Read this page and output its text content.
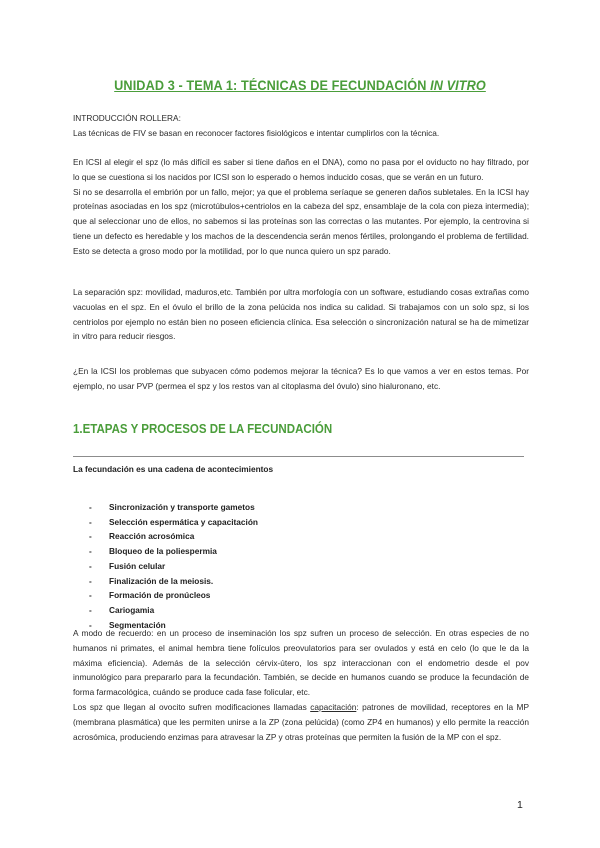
UNIDAD 3 - TEMA 1: TÉCNICAS DE FECUNDACIÓN IN VITRO

INTRODUCCIÓN ROLLERA:

Las técnicas de FIV se basan en reconocer factores fisiológicos e intentar cumplirlos con la técnica.

En ICSI al elegir el spz (lo más difícil es saber si tiene daños en el DNA), como no pasa por el oviducto no hay filtrado, por lo que se cuestiona si los nacidos por ICSI son lo esperado o hemos inducido cosas, que se verán en un futuro.

Si no se desarrolla el embrión por un fallo, mejor; ya que el problema seríaque se generen daños subletales. En la ICSI hay proteínas asociadas en los spz (microtúbulos+centriolos en la cabeza del spz, ensamblaje de la cola con pieza intermedia); que al seleccionar uno de ellos, no sabemos si las proteínas son las correctas o las mutantes. Por ejemplo, la centrovina si tiene un defecto es heredable y los machos de la descendencia serán menos fértiles, prolongando el problema de fertilidad. Esto se detecta a groso modo por la motilidad, por lo que nunca quiero un spz parado.

La separación spz: movilidad, maduros,etc. También por ultra morfología con un software, estudiando cosas extrañas como vacuolas en el spz. En el óvulo el brillo de la zona pelúcida nos indica su calidad. Si trabajamos con un solo spz, si los centriolos por ejemplo no están bien no poseen eficiencia clínica. Esa selección o sincronización natural se ha de mimetizar in vitro para reducir riesgos.

¿En la ICSI los problemas que subyacen cómo podemos mejorar la técnica? Es lo que vamos a ver en estos temas. Por ejemplo, no usar PVP (permea el spz y los restos van al citoplasma del óvulo) sino hialuronano, etc.

1.ETAPAS Y PROCESOS DE LA FECUNDACIÓN
La fecundación es una cadena de acontecimientos
- Sincronización y transporte gametos
- Selección espermática y capacitación
- Reacción acrosómica
- Bloqueo de la poliespermia
- Fusión celular
- Finalización de la meiosis.
- Formación de pronúcleos
- Cariogamia
- Segmentación

A modo de recuerdo: en un proceso de inseminación los spz sufren un proceso de selección. En otras especies de no humanos ni primates, el animal hembra tiene folículos preovulatorios para ser ovulados y está en celo (lo que le da la máxima eficiencia). Además de la selección cérvix-útero, los spz interaccionan con el endometrio desde el pov inmunológico para prepararlo para la fecundación. También, se decide en humanos cuando se produce la fecundación de forma farmacológica, cuándo se produce cada fase folicular, etc.

Los spz que llegan al ovocito sufren modificaciones llamadas capacitación: patrones de movilidad, receptores en la MP (membrana plasmática) que les permiten unirse a la ZP (zona pelúcida) (como ZP4 en humanos) y ello permite la reacción acrosómica, produciendo enzimas para atravesar la ZP y otras proteínas que permiten la fusión de la MP con el spz.

1
